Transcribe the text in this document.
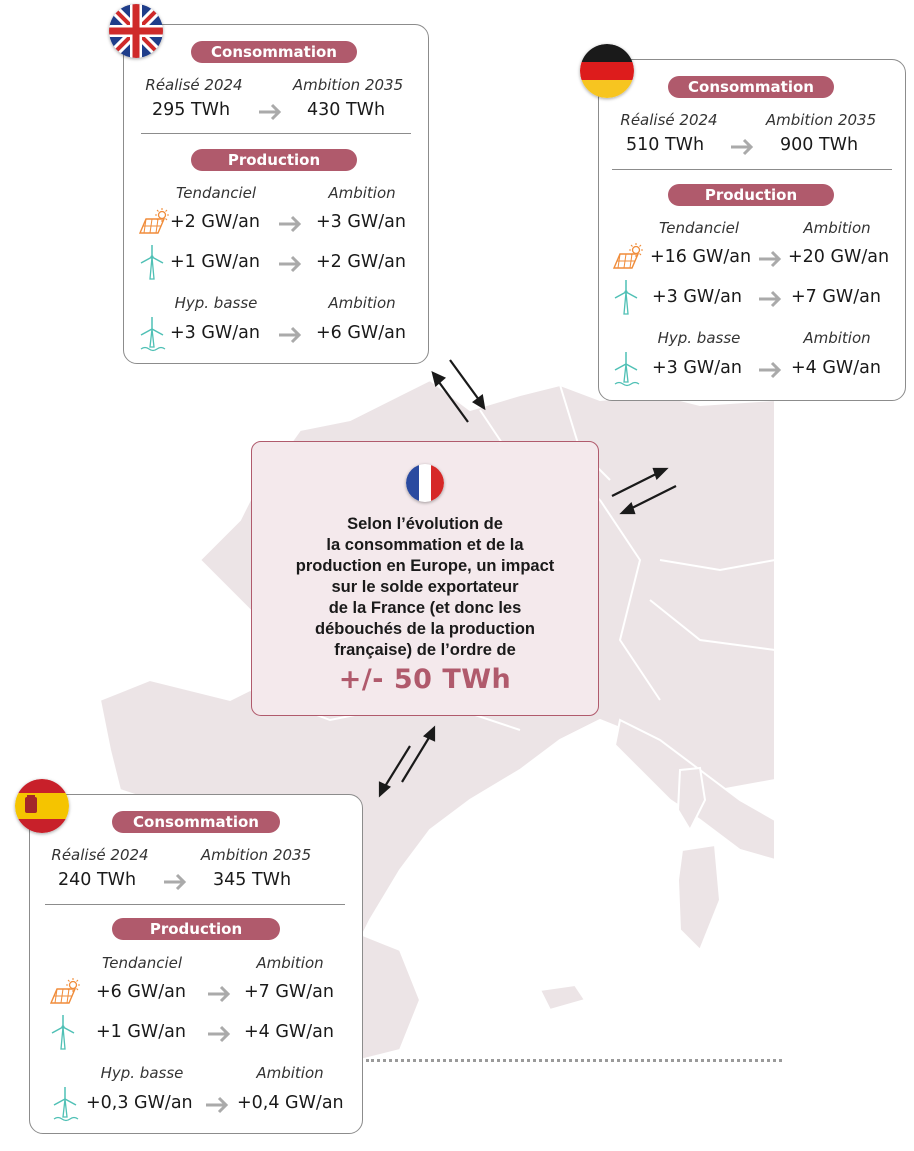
Consommation
Réalisé 2024	Ambition 2035
295 TWh	430 TWh
Production
Tendanciel	Ambition
+2 GW/an	+3 GW/an
+1 GW/an	+2 GW/an
Hyp. basse	Ambition
+3 GW/an	+6 GW/an
Consommation
Réalisé 2024	Ambition 2035
510 TWh	900 TWh
Production
Tendanciel	Ambition
+16 GW/an +20 GW/an
+3 GW/an	+7 GW/an
Hyp. basse	Ambition
+3 GW/an	+4 GW/an
Selon l’évolution de
la consommation et de la
production en Europe, un impact
sur le solde exportateur
de la France (et donc les
débouchés de la production
française) de l’ordre de
+/- 50 TWh
Consommation
Réalisé 2024	Ambition 2035
240 TWh	345 TWh
Production
Tendanciel	Ambition
+6 GW/an	+7 GW/an
+1 GW/an	+4 GW/an
Hyp. basse	Ambition
+0,3 GW/an	+0,4 GW/an
